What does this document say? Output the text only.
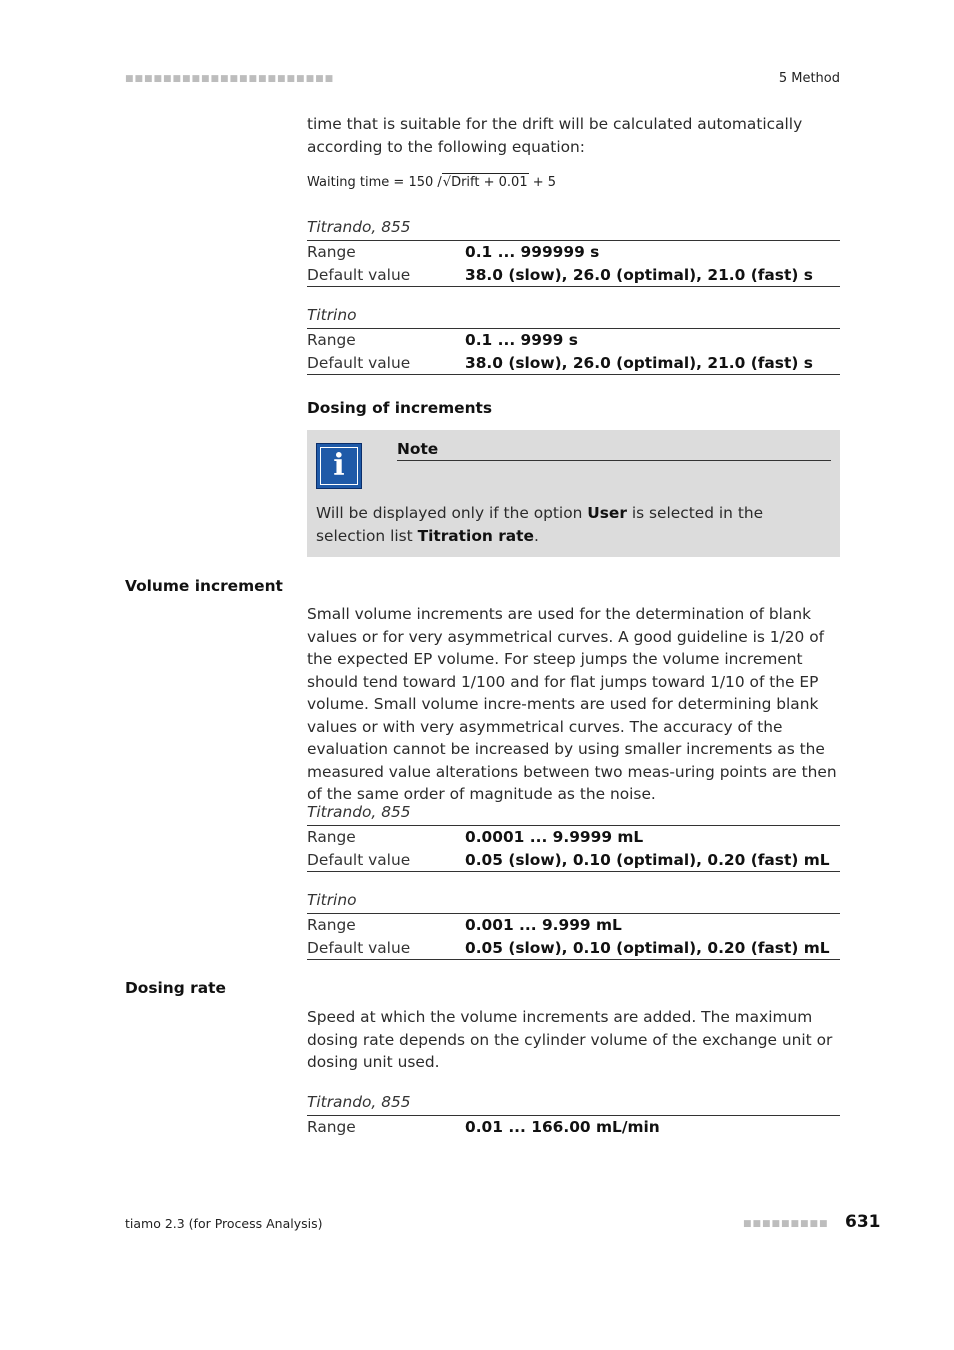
■■■■■■■■■■■■■■■■■■■■■■	5 Method
time that is suitable for the drift will be calculated automatically according to the following equation:
Waiting time = 150 /√Drift + 0.01 + 5
Titrando, 855
Range	0.1 ... 999999 s
Default value	38.0 (slow), 26.0 (optimal), 21.0 (fast) s
Titrino
Range	0.1 ... 9999 s
Default value	38.0 (slow), 26.0 (optimal), 21.0 (fast) s
Dosing of increments
i	Note
Will be displayed only if the option User is selected in the selection list Titration rate.
Volume increment
Small volume increments are used for the determination of blank values or for very asymmetrical curves. A good guideline is 1/20 of the expected EP volume. For steep jumps the volume increment should tend toward 1/100 and for flat jumps toward 1/10 of the EP volume. Small volume incre-ments are used for determining blank values or with very asymmetrical curves. The accuracy of the evaluation cannot be increased by using smaller increments as the measured value alterations between two meas-uring points are then of the same order of magnitude as the noise.
Titrando, 855
Range	0.0001 ... 9.9999 mL
Default value	0.05 (slow), 0.10 (optimal), 0.20 (fast) mL
Titrino
Range	0.001 ... 9.999 mL
Default value	0.05 (slow), 0.10 (optimal), 0.20 (fast) mL
Dosing rate
Speed at which the volume increments are added. The maximum dosing rate depends on the cylinder volume of the exchange unit or dosing unit used.
Titrando, 855
Range	0.01 ... 166.00 mL/min
tiamo 2.3 (for Process Analysis)	■■■■■■■■■ 631
